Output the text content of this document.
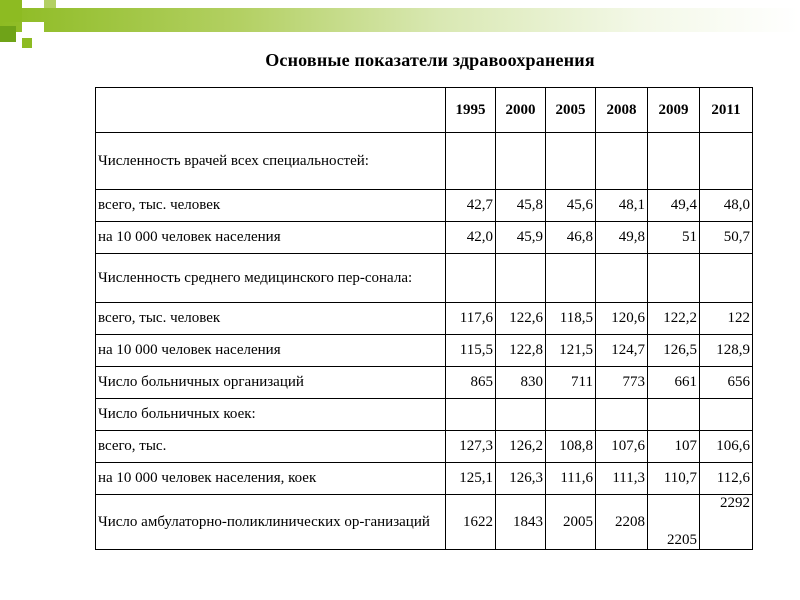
Основные показатели здравоохранения
	1995	2000	2005	2008	2009	2011
Численность врачей всех специальностей:						
всего, тыс. человек	42,7	45,8	45,6	48,1	49,4	48,0
на 10 000 человек населения	42,0	45,9	46,8	49,8	51	50,7
Численность среднего медицинского пер-сонала:						
всего, тыс. человек	117,6	122,6	118,5	120,6	122,2	122
на 10 000 человек населения	115,5	122,8	121,5	124,7	126,5	128,9
Число больничных организаций	865	830	711	773	661	656
Число больничных коек:						
всего, тыс.	127,3	126,2	108,8	107,6	107	106,6
на 10 000 человек населения, коек	125,1	126,3	111,6	111,3	110,7	112,6
Число амбулаторно-поликлинических ор-ганизаций	1622	1843	2005	2208	2205	2292
